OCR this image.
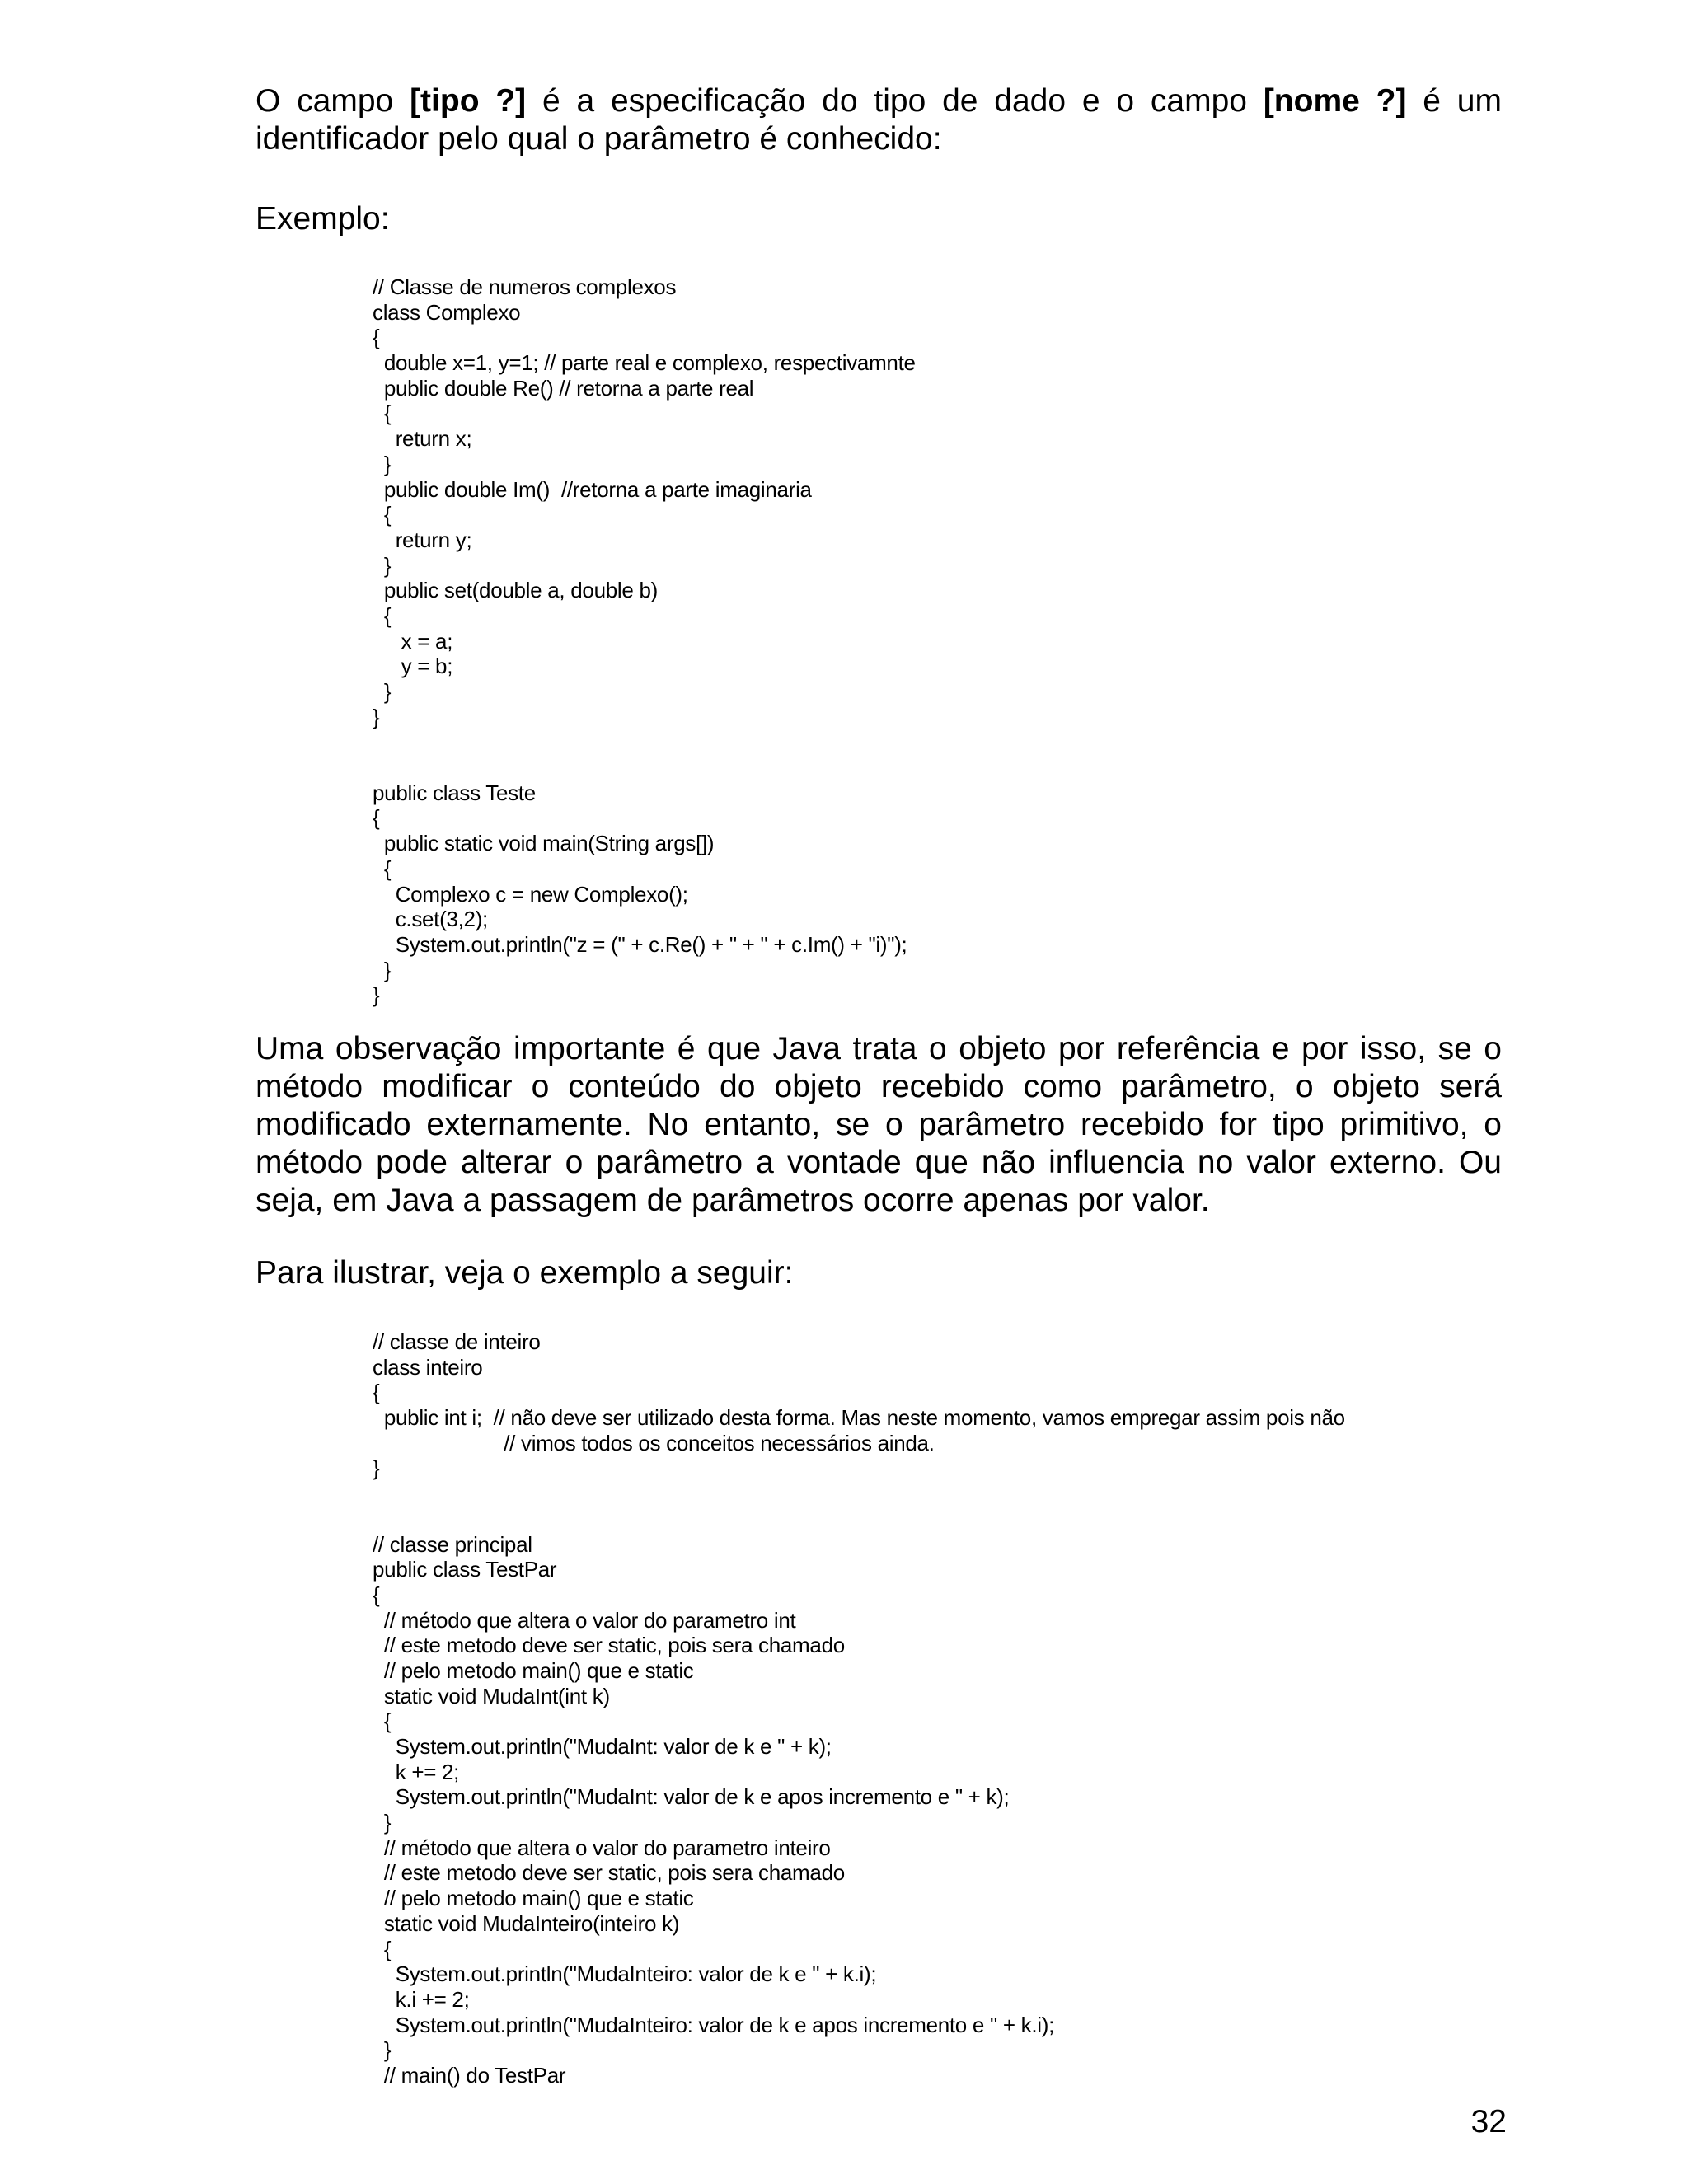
O campo [tipo ?] é a especificação do tipo de dado e o campo [nome ?] é um identificador pelo qual o parâmetro é conhecido:

Exemplo:

// Classe de numeros complexos
class Complexo
{
double x=1, y=1; // parte real e complexo, respectivamnte
public double Re() // retorna a parte real
{
return x;
}
public double Im()  //retorna a parte imaginaria
{
return y;
}
public set(double a, double b)
{
x = a;
y = b;
}
}
public class Teste
{
public static void main(String args[])
{
Complexo c = new Complexo();
c.set(3,2);
System.out.println("z = (" + c.Re() + " + " + c.Im() + "i)");
}
}

Uma observação importante é que Java trata o objeto por referência e por isso, se o método modificar o conteúdo do objeto recebido como parâmetro, o objeto será modificado externamente. No entanto, se o parâmetro recebido for tipo primitivo, o método pode alterar o parâmetro a vontade que não influencia no valor externo. Ou seja, em Java a passagem de parâmetros ocorre apenas por valor.

Para ilustrar, veja o exemplo a seguir:

// classe de inteiro
class inteiro
{
public int i;  // não deve ser utilizado desta forma. Mas neste momento, vamos empregar assim pois não
// vimos todos os conceitos necessários ainda.
}
// classe principal
public class TestPar
{
// método que altera o valor do parametro int
// este metodo deve ser static, pois sera chamado
// pelo metodo main() que e static
static void MudaInt(int k)
{
System.out.println("MudaInt: valor de k e " + k);
k += 2;
System.out.println("MudaInt: valor de k e apos incremento e " + k);
}
// método que altera o valor do parametro inteiro
// este metodo deve ser static, pois sera chamado
// pelo metodo main() que e static
static void MudaInteiro(inteiro k)
{
System.out.println("MudaInteiro: valor de k e " + k.i);
k.i += 2;
System.out.println("MudaInteiro: valor de k e apos incremento e " + k.i);
}
// main() do TestPar
32
